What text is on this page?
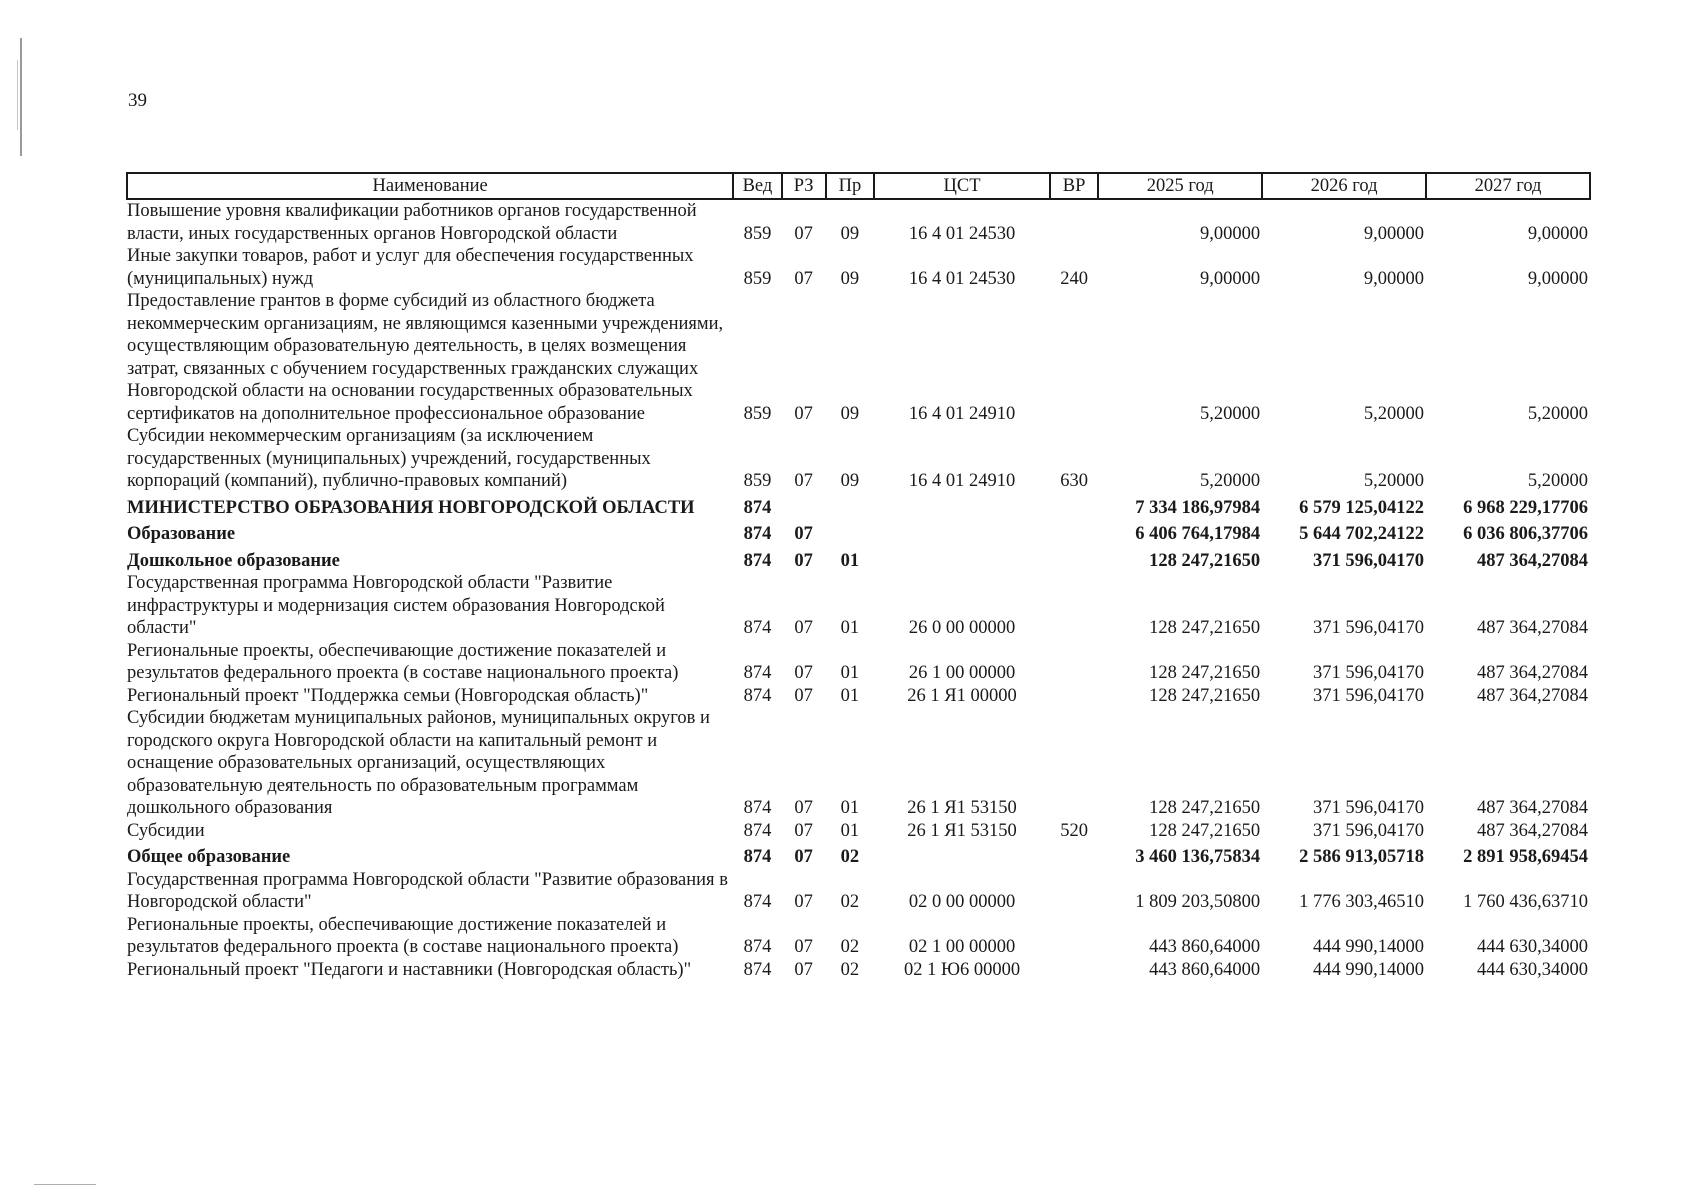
39
Наименование	Вед	РЗ	Пр	ЦСТ	ВР	2025 год	2026 год	2027 год
Повышение уровня квалификации работников органов государственной власти, иных государственных органов Новгородской области	859	07	09	16 4 01 24530		9,00000	9,00000	9,00000
Иные закупки товаров, работ и услуг для обеспечения государственных (муниципальных) нужд	859	07	09	16 4 01 24530	240	9,00000	9,00000	9,00000
Предоставление грантов в форме субсидий из областного бюджета некоммерческим организациям, не являющимся казенными учреждениями, осуществляющим образовательную деятельность, в целях возмещения затрат, связанных с обучением государственных гражданских служащих Новгородской области на основании государственных образовательных сертификатов на дополнительное профессиональное образование	859	07	09	16 4 01 24910		5,20000	5,20000	5,20000
Субсидии некоммерческим организациям (за исключением государственных (муниципальных) учреждений, государственных корпораций (компаний), публично-правовых компаний)	859	07	09	16 4 01 24910	630	5,20000	5,20000	5,20000
МИНИСТЕРСТВО ОБРАЗОВАНИЯ НОВГОРОДСКОЙ ОБЛАСТИ	874					7 334 186,97984	6 579 125,04122	6 968 229,17706
Образование	874	07				6 406 764,17984	5 644 702,24122	6 036 806,37706
Дошкольное образование	874	07	01			128 247,21650	371 596,04170	487 364,27084
Государственная программа Новгородской области "Развитие инфраструктуры и модернизация систем образования Новгородской области"	874	07	01	26 0 00 00000		128 247,21650	371 596,04170	487 364,27084
Региональные проекты, обеспечивающие достижение показателей и результатов федерального проекта (в составе национального проекта)	874	07	01	26 1 00 00000		128 247,21650	371 596,04170	487 364,27084
Региональный проект "Поддержка семьи (Новгородская область)"	874	07	01	26 1 Я1 00000		128 247,21650	371 596,04170	487 364,27084
Субсидии бюджетам муниципальных районов, муниципальных округов и городского округа Новгородской области на капитальный ремонт и оснащение образовательных организаций, осуществляющих образовательную деятельность по образовательным программам дошкольного образования	874	07	01	26 1 Я1 53150		128 247,21650	371 596,04170	487 364,27084
Субсидии	874	07	01	26 1 Я1 53150	520	128 247,21650	371 596,04170	487 364,27084
Общее образование	874	07	02			3 460 136,75834	2 586 913,05718	2 891 958,69454
Государственная программа Новгородской области "Развитие образования в Новгородской области"	874	07	02	02 0 00 00000		1 809 203,50800	1 776 303,46510	1 760 436,63710
Региональные проекты, обеспечивающие достижение показателей и результатов федерального проекта (в составе национального проекта)	874	07	02	02 1 00 00000		443 860,64000	444 990,14000	444 630,34000
Региональный проект "Педагоги и наставники (Новгородская область)"	874	07	02	02 1 Ю6 00000		443 860,64000	444 990,14000	444 630,34000
